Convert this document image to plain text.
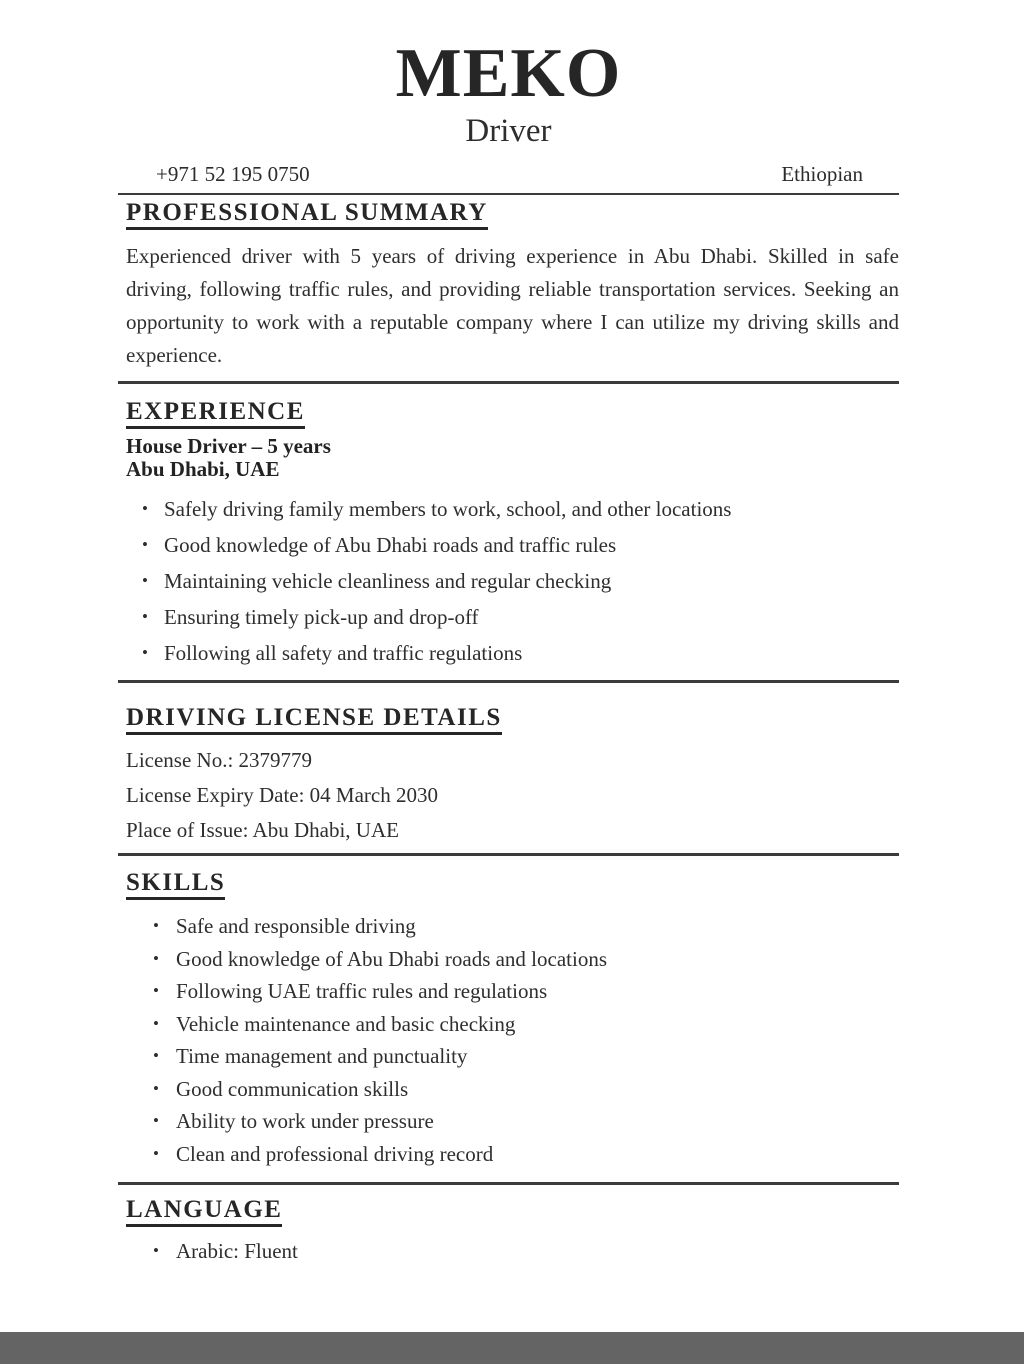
MEKO
Driver
+971 52 195 0750	Ethiopian
PROFESSIONAL SUMMARY

Experienced driver with 5 years of driving experience in Abu Dhabi. Skilled in safe driving, following traffic rules, and providing reliable transportation services. Seeking an opportunity to work with a reputable company where I can utilize my driving skills and experience.

EXPERIENCE
House Driver – 5 years
Abu Dhabi, UAE
• Safely driving family members to work, school, and other locations
• Good knowledge of Abu Dhabi roads and traffic rules
• Maintaining vehicle cleanliness and regular checking
• Ensuring timely pick-up and drop-off
• Following all safety and traffic regulations
DRIVING LICENSE DETAILS
License No.: 2379779
License Expiry Date: 04 March 2030
Place of Issue: Abu Dhabi, UAE
SKILLS
• Safe and responsible driving
• Good knowledge of Abu Dhabi roads and locations
• Following UAE traffic rules and regulations
• Vehicle maintenance and basic checking
• Time management and punctuality
• Good communication skills
• Ability to work under pressure
• Clean and professional driving record
LANGUAGE
• Arabic: Fluent
